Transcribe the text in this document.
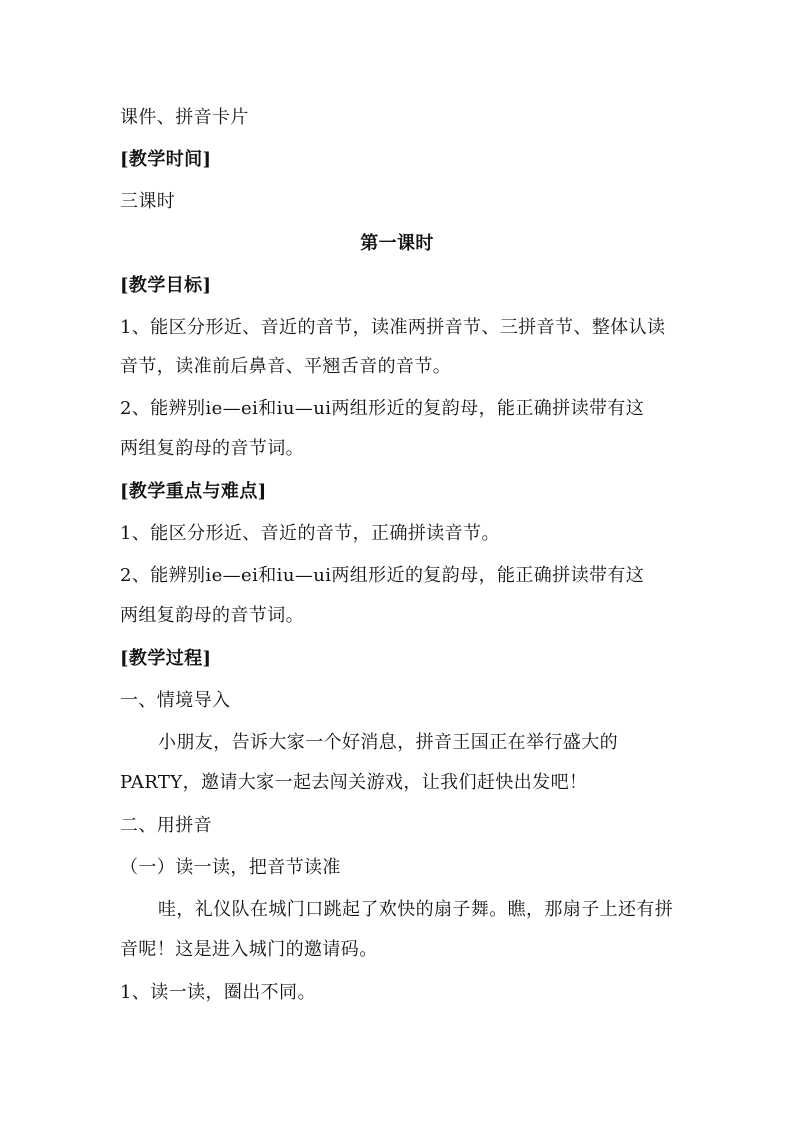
课件、拼音卡片
[教学时间]
三课时
第一课时
[教学目标]
1、能区分形近、音近的音节，读准两拼音节、三拼音节、整体认读
音节，读准前后鼻音、平翘舌音的音节。
2、能辨别ie—ei和iu—ui两组形近的复韵母，能正确拼读带有这
两组复韵母的音节词。
[教学重点与难点]
1、能区分形近、音近的音节，正确拼读音节。
2、能辨别ie—ei和iu—ui两组形近的复韵母，能正确拼读带有这
两组复韵母的音节词。
[教学过程]
一、情境导入
小朋友，告诉大家一个好消息，拼音王国正在举行盛大的
PARTY，邀请大家一起去闯关游戏，让我们赶快出发吧！
二、用拼音
（一）读一读，把音节读准
哇，礼仪队在城门口跳起了欢快的扇子舞。瞧，那扇子上还有拼
音呢！这是进入城门的邀请码。
1、读一读，圈出不同。
